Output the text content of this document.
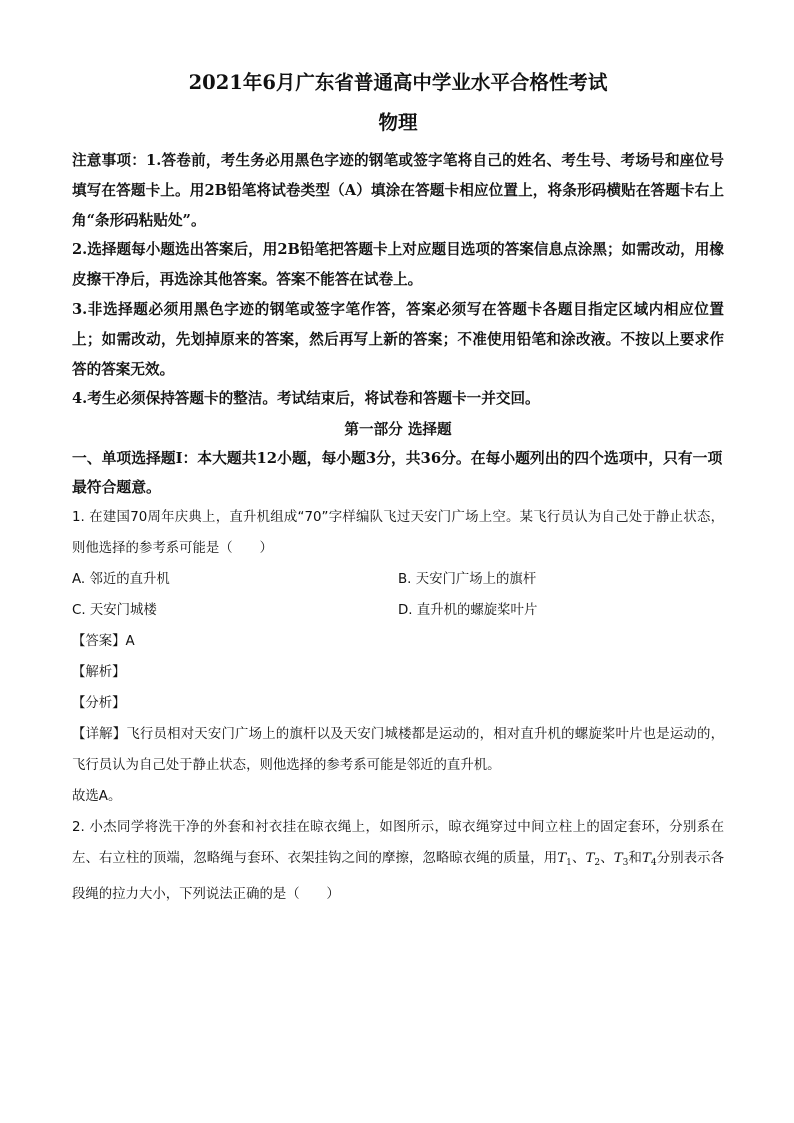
2021年6月广东省普通高中学业水平合格性考试
物理

注意事项：1.答卷前，考生务必用黑色字迹的钢笔或签字笔将自己的姓名、考生号、考场号和座位号填写在答题卡上。用2B铅笔将试卷类型（A）填涂在答题卡相应位置上，将条形码横贴在答题卡右上角“条形码粘贴处”。

2.选择题每小题选出答案后，用2B铅笔把答题卡上对应题目选项的答案信息点涂黑；如需改动，用橡皮擦干净后，再选涂其他答案。答案不能答在试卷上。

3.非选择题必须用黑色字迹的钢笔或签字笔作答，答案必须写在答题卡各题目指定区域内相应位置上；如需改动，先划掉原来的答案，然后再写上新的答案；不准使用铅笔和涂改液。不按以上要求作答的答案无效。

4.考生必须保持答题卡的整洁。考试结束后，将试卷和答题卡一并交回。

第一部分 选择题
一、单项选择题Ⅰ：本大题共12小题，每小题3分，共36分。在每小题列出的四个选项中，只有一项最符合题意。

1. 在建国70周年庆典上，直升机组成“70”字样编队飞过天安门广场上空。某飞行员认为自己处于静止状态，则他选择的参考系可能是（　　）

A. 邻近的直升机	B. 天安门广场上的旗杆
C. 天安门城楼	D. 直升机的螺旋桨叶片
【答案】A
【解析】
【分析】

【详解】飞行员相对天安门广场上的旗杆以及天安门城楼都是运动的，相对直升机的螺旋桨叶片也是运动的，飞行员认为自己处于静止状态，则他选择的参考系可能是邻近的直升机。

故选A。

2. 小杰同学将洗干净的外套和衬衣挂在晾衣绳上，如图所示，晾衣绳穿过中间立柱上的固定套环，分别系在左、右立柱的顶端，忽略绳与套环、衣架挂钩之间的摩擦，忽略晾衣绳的质量，用$T_1$、$T_2$、$T_3$和$T_4$分别表示各段绳的拉力大小，下列说法正确的是（　　）
